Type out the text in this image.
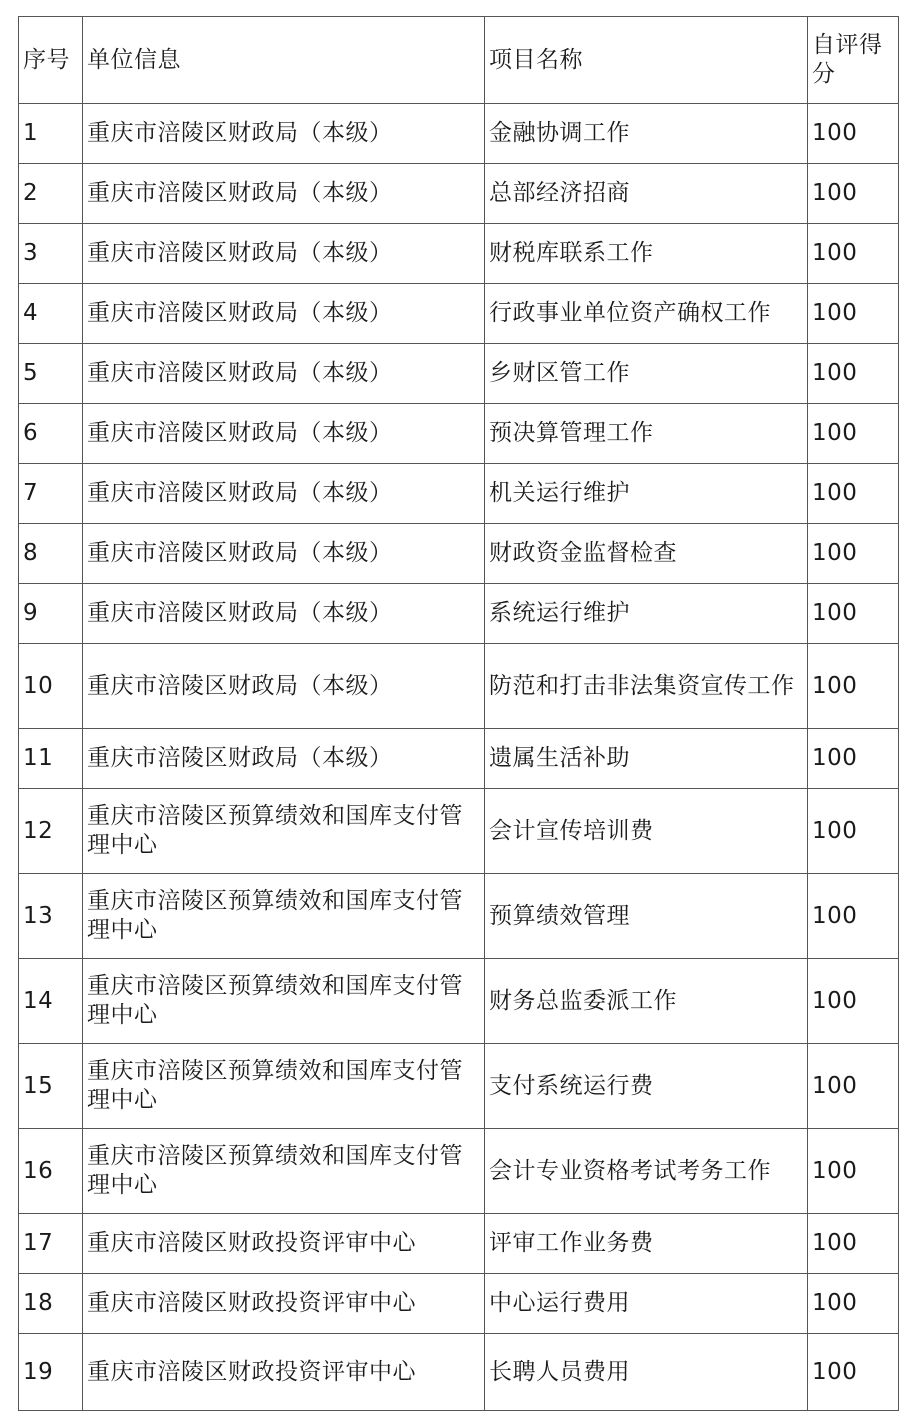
序号	单位信息	项目名称	自评得分
1	重庆市涪陵区财政局（本级）	金融协调工作	100
2	重庆市涪陵区财政局（本级）	总部经济招商	100
3	重庆市涪陵区财政局（本级）	财税库联系工作	100
4	重庆市涪陵区财政局（本级）	行政事业单位资产确权工作	100
5	重庆市涪陵区财政局（本级）	乡财区管工作	100
6	重庆市涪陵区财政局（本级）	预决算管理工作	100
7	重庆市涪陵区财政局（本级）	机关运行维护	100
8	重庆市涪陵区财政局（本级）	财政资金监督检查	100
9	重庆市涪陵区财政局（本级）	系统运行维护	100
10	重庆市涪陵区财政局（本级）	防范和打击非法集资宣传工作	100
11	重庆市涪陵区财政局（本级）	遗属生活补助	100
12	重庆市涪陵区预算绩效和国库支付管理中心	会计宣传培训费	100
13	重庆市涪陵区预算绩效和国库支付管理中心	预算绩效管理	100
14	重庆市涪陵区预算绩效和国库支付管理中心	财务总监委派工作	100
15	重庆市涪陵区预算绩效和国库支付管理中心	支付系统运行费	100
16	重庆市涪陵区预算绩效和国库支付管理中心	会计专业资格考试考务工作	100
17	重庆市涪陵区财政投资评审中心	评审工作业务费	100
18	重庆市涪陵区财政投资评审中心	中心运行费用	100
19	重庆市涪陵区财政投资评审中心	长聘人员费用	100
